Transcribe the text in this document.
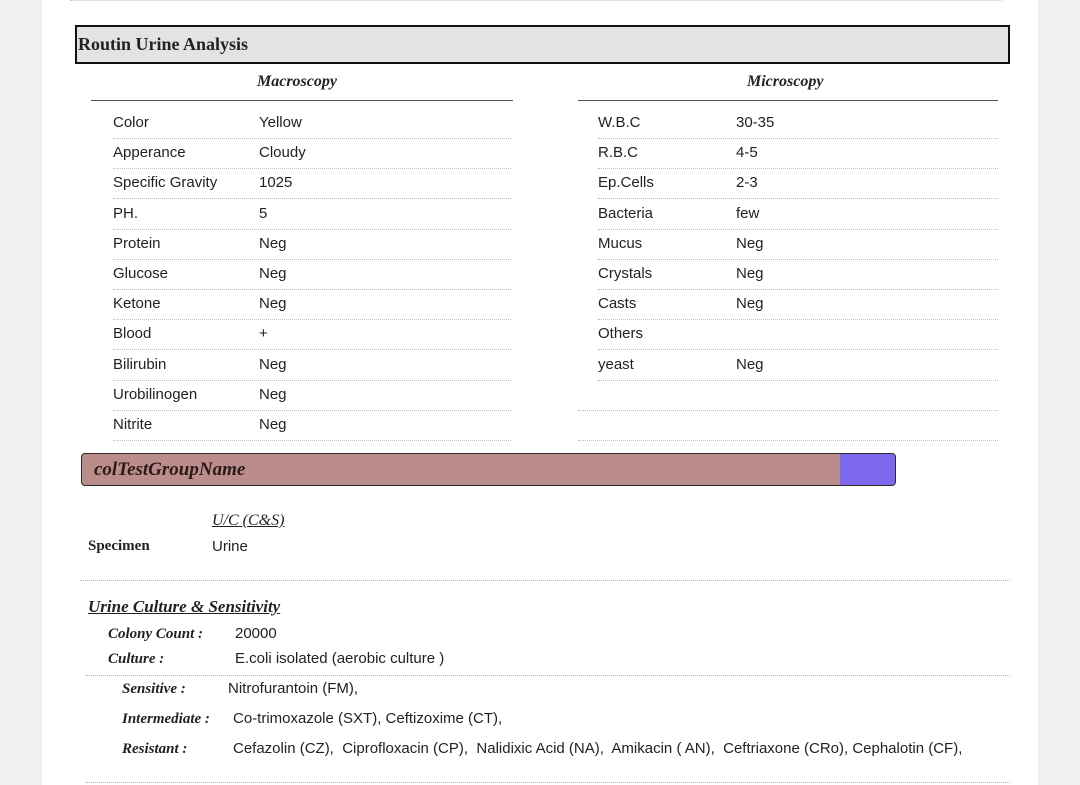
Routin Urine Analysis
Macroscopy	Microscopy
Color	Yellow
Apperance	Cloudy
Specific Gravity	1025
PH.	5
Protein	Neg
Glucose	Neg
Ketone	Neg
Blood	+
Bilirubin	Neg
Urobilinogen	Neg
Nitrite	Neg
W.B.C	30-35
R.B.C	4-5
Ep.Cells	2-3
Bacteria	few
Mucus	Neg
Crystals	Neg
Casts	Neg
Others
yeast	Neg
colTestGroupName
U/C (C&S)
Specimen	Urine
Urine Culture & Sensitivity
Colony Count : 20000
Culture :	E.coli isolated (aerobic culture )
Sensitive :	Nitrofurantoin (FM),
Intermediate : Co-trimoxazole (SXT), Ceftizoxime (CT),
Resistant :	Cefazolin (CZ),  Ciprofloxacin (CP),  Nalidixic Acid (NA),  Amikacin ( AN),  Ceftriaxone (CRo), Cephalotin (CF),
